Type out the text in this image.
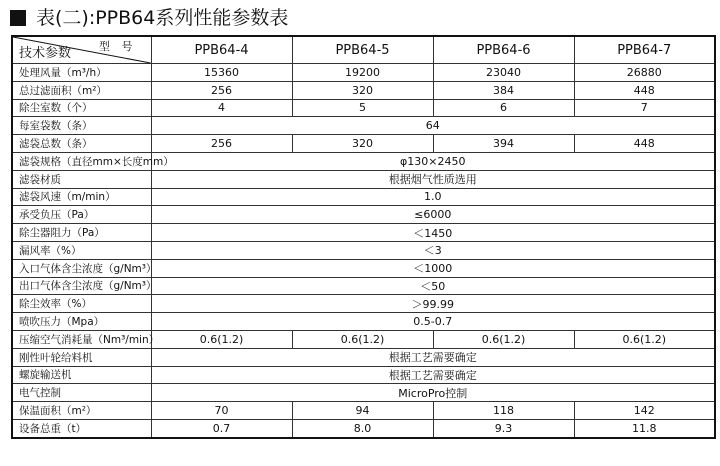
表(二):PPB64系列性能参数表
型 号
技术参数	PPB64-4	PPB64-5	PPB64-6	PPB64-7
处理风量（m³/h）	15360	19200	23040	26880
总过滤面积（m²）	256	320	384	448
除尘室数（个）	4	5	6	7
每室袋数（条）	64			
滤袋总数（条）	256	320	394	448
滤袋规格（直径mm×长度mm）	φ130×2450			
滤袋材质	根据烟气性质选用			
滤袋风速（m/min）	1.0			
承受负压（Pa）	≤6000			
除尘器阻力（Pa）	＜1450			
漏风率（%）	＜3			
入口气体含尘浓度（g/Nm³）	＜1000			
出口气体含尘浓度（g/Nm³）	＜50			
除尘效率（%）	＞99.99			
喷吹压力（Mpa）	0.5-0.7			
压缩空气消耗量（Nm³/min）	0.6(1.2)	0.6(1.2)	0.6(1.2)	0.6(1.2)
刚性叶轮给料机	根据工艺需要确定			
螺旋输送机	根据工艺需要确定			
电气控制	MicroPro控制			
保温面积（m²）	70	94	118	142
设备总重（t）	0.7	8.0	9.3	11.8
